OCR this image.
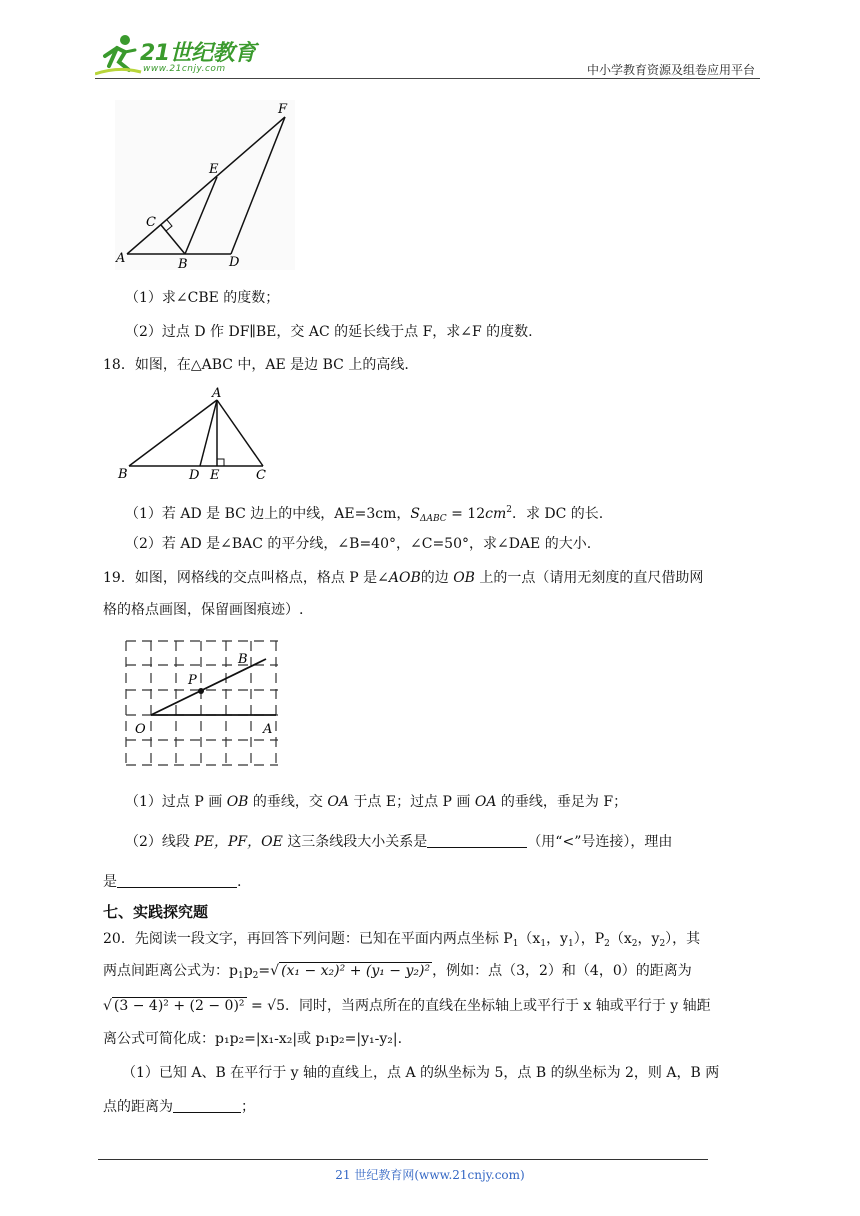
21世纪教育
www.21cnjy.com	中小学教育资源及组卷应用平台
F
E
C
A	B	D
（1）求∠CBE 的度数；
（2）过点 D 作 DF∥BE，交 AC 的延长线于点 F，求∠F 的度数.
18．如图，在△ABC 中，AE 是边 BC 上的高线.
A
B	D E	C
（1）若 AD 是 BC 边上的中线，AE=3cm，$S_{\Delta ABC} = 12cm^2$．求 DC 的长.
（2）若 AD 是∠BAC 的平分线，∠B=40°，∠C=50°，求∠DAE 的大小.
19．如图，网格线的交点叫格点，格点 P 是∠AOB的边 OB 上的一点（请用无刻度的直尺借助网
格的格点画图，保留画图痕迹）.
B
P
O	A
（1）过点 P 画 OB 的垂线，交 OA 于点 E；过点 P 画 OA 的垂线，垂足为 F；
（2）线段 PE，PF，OE 这三条线段大小关系是	（用“<”号连接），理由
是	.
七、实践探究题
20．先阅读一段文字，再回答下列问题：已知在平面内两点坐标 $P_1(x_1$，$y_1$），$P_2(x_2$，$y_2$），其
两点间距离公式为：$p_1p_2=√$ (x₁ − x₂)² + (y₁ − y₂)² ，例如：点（3，2）和（4，0）的距离为
√ (3 − 4)² + (2 − 0)² = √5．同时，当两点所在的直线在坐标轴上或平行于 x 轴或平行于 y 轴距
离公式可简化成：p₁p₂=|x₁-x₂|或 p₁p₂=|y₁-y₂|.
（1）已知 A、B 在平行于 y 轴的直线上，点 A 的纵坐标为 5，点 B 的纵坐标为 2，则 A，B 两
点的距离为	；
21 世纪教育网(www.21cnjy.com)
